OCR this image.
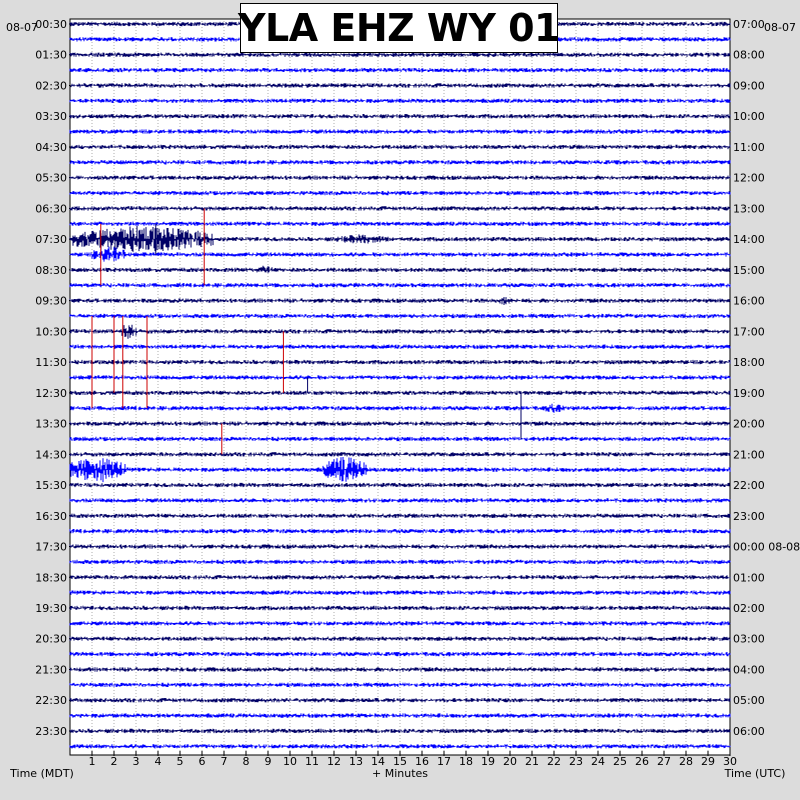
00:30
01:30
02:30
03:30
04:30
05:30
06:30
07:30
08:30
09:30
10:30
11:30
12:30
13:30
14:30
15:30
16:30
17:30
18:30
19:30
20:30
21:30
22:30
23:30
07:00
08:00
09:00
10:00
11:00
12:00
13:00
14:00
15:00
16:00
17:00
18:00
19:00
20:00
21:00
22:00
23:00
00:00 08-08
01:00
02:00
03:00
04:00
05:00
06:00
1 2 3 4 5 6 7 8 9 10 11 12 13 14 15 16 17 18 19 20 21 22 23 24 25 26 27 28 29 30
Time (MDT)	+ Minutes	Time (UTC)
YLA EHZ WY 01
08-07	08-07
